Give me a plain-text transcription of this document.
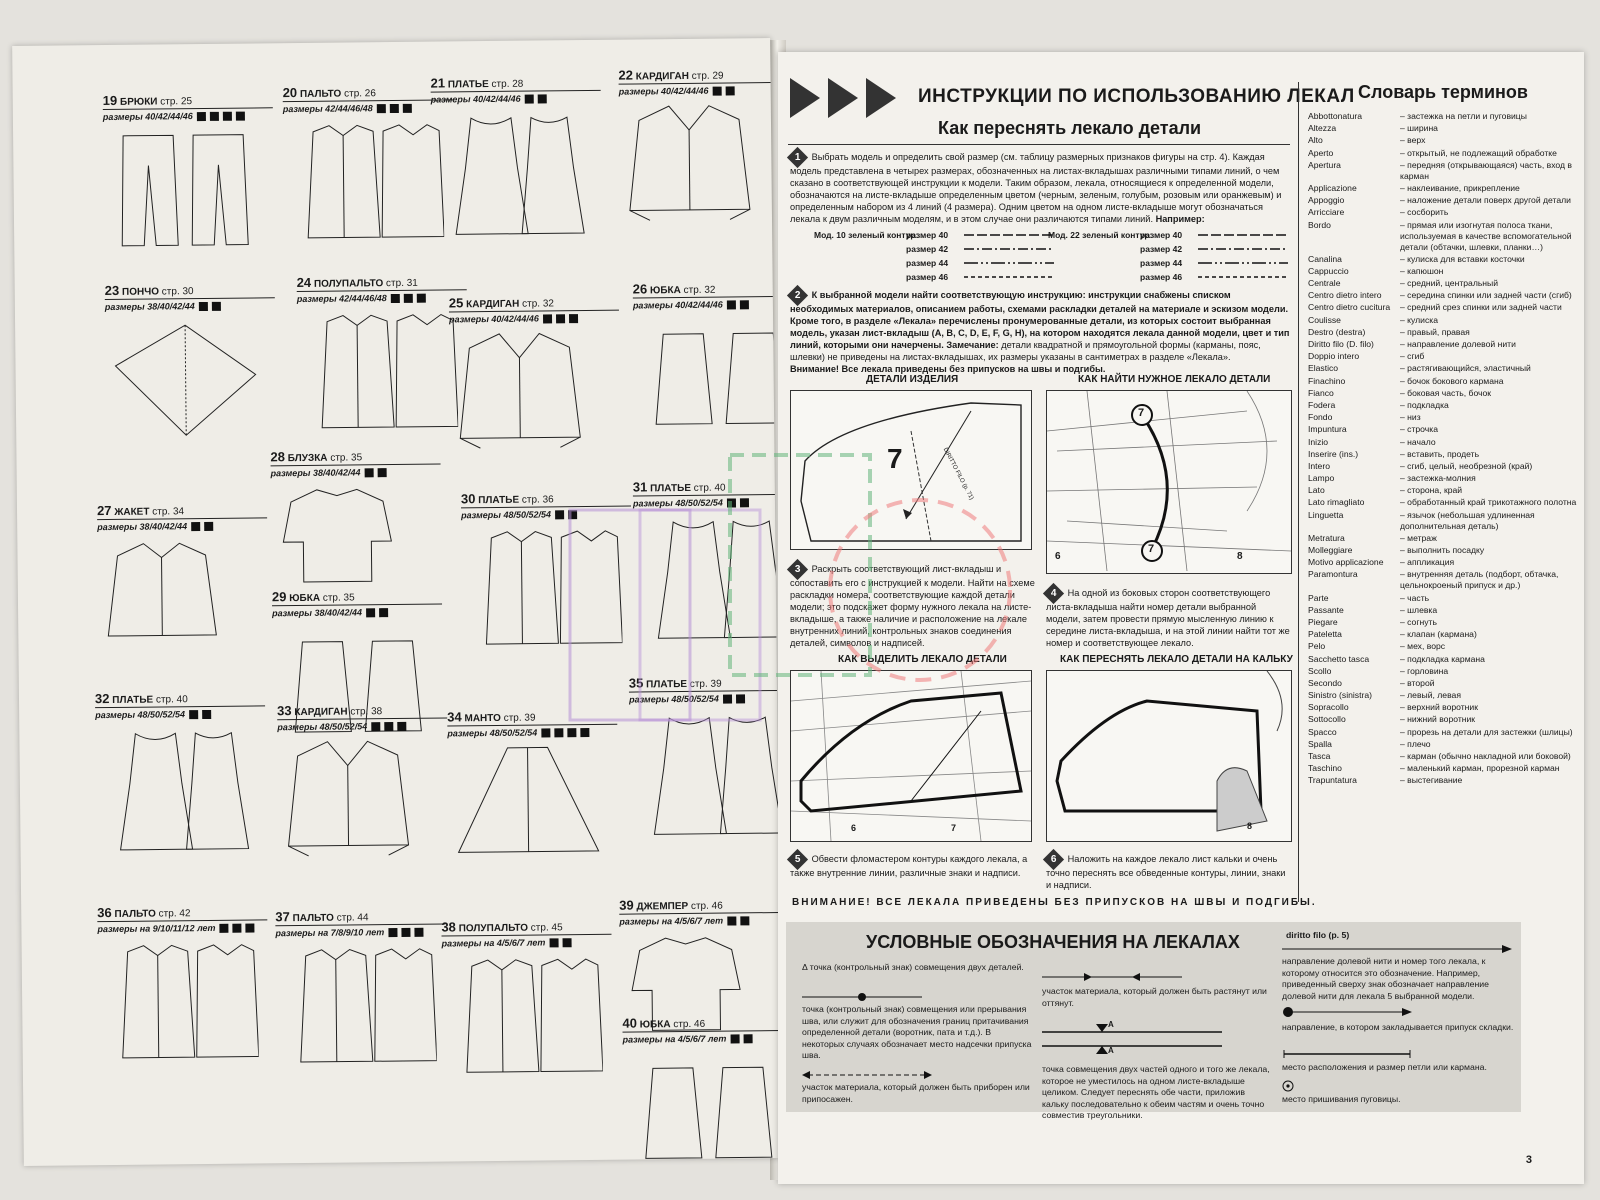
19 БРЮКИ стр. 25
размеры 40/42/44/46
20 ПАЛЬТО стр. 26
размеры 42/44/46/48
21 ПЛАТЬЕ стр. 28
размеры 40/42/44/46
22 КАРДИГАН стр. 29
размеры 40/42/44/46
23 ПОНЧО стр. 30
размеры 38/40/42/44
24 ПОЛУПАЛЬТО стр. 31
размеры 42/44/46/48	25 КАРДИГАН стр. 32
размеры 40/42/44/46
26 ЮБКА стр. 32
размеры 40/42/44/46
27 ЖАКЕТ стр. 34
размеры 38/40/42/44
28 БЛУЗКА стр. 35
размеры 38/40/42/44
29 ЮБКА стр. 35
размеры 38/40/42/44
30 ПЛАТЬЕ стр. 36
размеры 48/50/52/54
31 ПЛАТЬЕ стр. 40
размеры 48/50/52/54
32 ПЛАТЬЕ стр. 40
размеры 48/50/52/54	33 КАРДИГАН стр. 38
размеры 48/50/52/54
34 МАНТО стр. 39
размеры 48/50/52/54
35 ПЛАТЬЕ стр. 39
размеры 48/50/52/54
36 ПАЛЬТО стр. 42
размеры на 9/10/11/12 лет
37 ПАЛЬТО стр. 44
размеры на 7/8/9/10 лет	38 ПОЛУПАЛЬТО стр. 45
размеры на 4/5/6/7 лет
39 ДЖЕМПЕР стр. 46
размеры на 4/5/6/7 лет
40 ЮБКА стр. 46
размеры на 4/5/6/7 лет
ИНСТРУКЦИИ ПО ИСПОЛЬЗОВАНИЮ ЛЕКАЛ
Как переснять лекало детали
1 Выбрать модель и определить свой размер (см. таблицу размерных признаков фигуры на стр. 4). Каждая модель представлена в четырех размерах, обозначенных на листах-вкладышах различными типами линий, о чем сказано в соответствующей инструкции к модели. Таким образом, лекала, относящиеся к определенной модели, обозначаются на листе-вкладыше определенным цветом (черным, зеленым, голубым, розовым или оранжевым) и определенным набором из 4 линий (4 размера). Одним цветом на одном листе-вкладыше могут обозначаться лекала к двум различным моделям, и в этом случае они различаются типами линий. Например:
Мод. 10 зеленый контур:	Мод. 22 зеленый контур:
размер 40
размер 42
размер 44
размер 46
размер 40
размер 42
размер 44
размер 46
2 К выбранной модели найти соответствующую инструкцию: инструкции снабжены списком необходимых материалов, описанием работы, схемами раскладки деталей на материале и эскизом модели. Кроме того, в разделе «Лекала» перечислены пронумерованные детали, из которых состоит выбранная модель, указан лист-вкладыш (A, B, C, D, E, F, G, H), на котором находятся лекала данной модели, цвет и тип линий, которыми они начерчены. Замечание: детали квадратной и прямоугольной формы (карманы, пояс, шлевки) не приведены на листах-вкладышах, их размеры указаны в сантиметрах в разделе «Лекала».
Внимание! Все лекала приведены без припусков на швы и подгибы.
ДЕТАЛИ ИЗДЕЛИЯ
7	DIRITTO FILO (p. 71)
КАК НАЙТИ НУЖНОЕ ЛЕКАЛО ДЕТАЛИ
7
7
6	8
3 Раскрыть соответствующий лист-вкладыш и сопоставить его с инструкцией к модели. Найти на схеме раскладки номера, соответствующие каждой детали модели; это подскажет форму нужного лекала на листе-вкладыше, а также наличие и расположение на лекале внутренних линий, контрольных знаков соединения деталей, символов и надписей.
4 На одной из боковых сторон соответствующего листа-вкладыша найти номер детали выбранной модели, затем провести прямую мысленную линию к середине листа-вкладыша, и на этой линии найти тот же номер и соответствующее лекало.
КАК ВЫДЕЛИТЬ ЛЕКАЛО ДЕТАЛИ
6	7
КАК ПЕРЕСНЯТЬ ЛЕКАЛО ДЕТАЛИ НА КАЛЬКУ
8
5 Обвести фломастером контуры каждого лекала, а также внутренние линии, различные знаки и надписи.
6 Наложить на каждое лекало лист кальки и очень точно переснять все обведенные контуры, линии, знаки и надписи.
ВНИМАНИЕ! ВСЕ ЛЕКАЛА ПРИВЕДЕНЫ БЕЗ ПРИПУСКОВ НА ШВЫ И ПОДГИБЫ.
Словарь терминов
Abbottonatura	– застежка на петли и пуговицы
Altezza	– ширина
Alto	– верх
Aperto	– открытый, не подлежащий обработке
Apertura	– передняя (открывающаяся) часть, вход в карман
Applicazione	– наклеивание, прикрепление
Appoggio	– наложение детали поверх другой детали
Arricciare	– сосборить
Bordo	– прямая или изогнутая полоса ткани, используемая в качестве вспомогательной детали (обтачки, шлевки, планки…)
Canalina	– кулиска для вставки косточки
Cappuccio	– капюшон
Centrale	– средний, центральный
Centro dietro intero	– середина спинки или задней части (сгиб)
Centro dietro cucitura	– средний срез спинки или задней части
Coulisse	– кулиска
Destro (destra)	– правый, правая
Diritto filo (D. filo)	– направление долевой нити
Doppio intero	– сгиб
Elastico	– растягивающийся, эластичный
Finachino	– бочок бокового кармана
Fianco	– боковая часть, бочок
Fodera	– подкладка
Fondo	– низ
Impuntura	– строчка
Inizio	– начало
Inserire (ins.)	– вставить, продеть
Intero	– сгиб, целый, необрезной (край)
Lampo	– застежка-молния
Lato	– сторона, край
Lato rimagliato	– обработанный край трикотажного полотна
Linguetta	– язычок (небольшая удлиненная дополнительная деталь)
Metratura	– метраж
Molleggiare	– выполнить посадку
Motivo applicazione	– аппликация
Paramontura	– внутренняя деталь (подборт, обтачка, цельнокроеный припуск и др.)
Parte	– часть
Passante	– шлевка
Piegare	– согнуть
Pateletta	– клапан (кармана)
Pelo	– мех, ворс
Sacchetto tasca	– подкладка кармана
Scollo	– горловина
Secondo	– второй
Sinistro (sinistra)	– левый, левая
Sopracollo	– верхний воротник
Sottocollo	– нижний воротник
Spacco	– прорезь на детали для застежки (шлицы)
Spalla	– плечо
Tasca	– карман (обычно накладной или боковой)
Taschino	– маленький карман, прорезной карман
Trapuntatura	– выстегивание
УСЛОВНЫЕ ОБОЗНАЧЕНИЯ НА ЛЕКАЛАХ
Δ точка (контрольный знак) совмещения двух деталей.
точка (контрольный знак) совмещения или прерывания шва, или служит для обозначения границ притачивания определенной детали (воротник, пата и т.д.). В некоторых случаях обозначает место надсечки припуска шва.
участок материала, который должен быть приборен или припосажен.
участок материала, который должен быть растянут или оттянут.
A
A
точка совмещения двух частей одного и того же лекала, которое не уместилось на одном листе-вкладыше целиком. Следует переснять обе части, приложив кальку последовательно к обеим частям и очень точно совместив треугольники.
diritto filo (p. 5)
направление долевой нити и номер того лекала, к которому относится это обозначение. Например, приведенный сверху знак обозначает направление долевой нити для лекала 5 выбранной модели.
направление, в котором закладывается припуск складки.
место расположения и размер петли или кармана.
место пришивания пуговицы.
3
